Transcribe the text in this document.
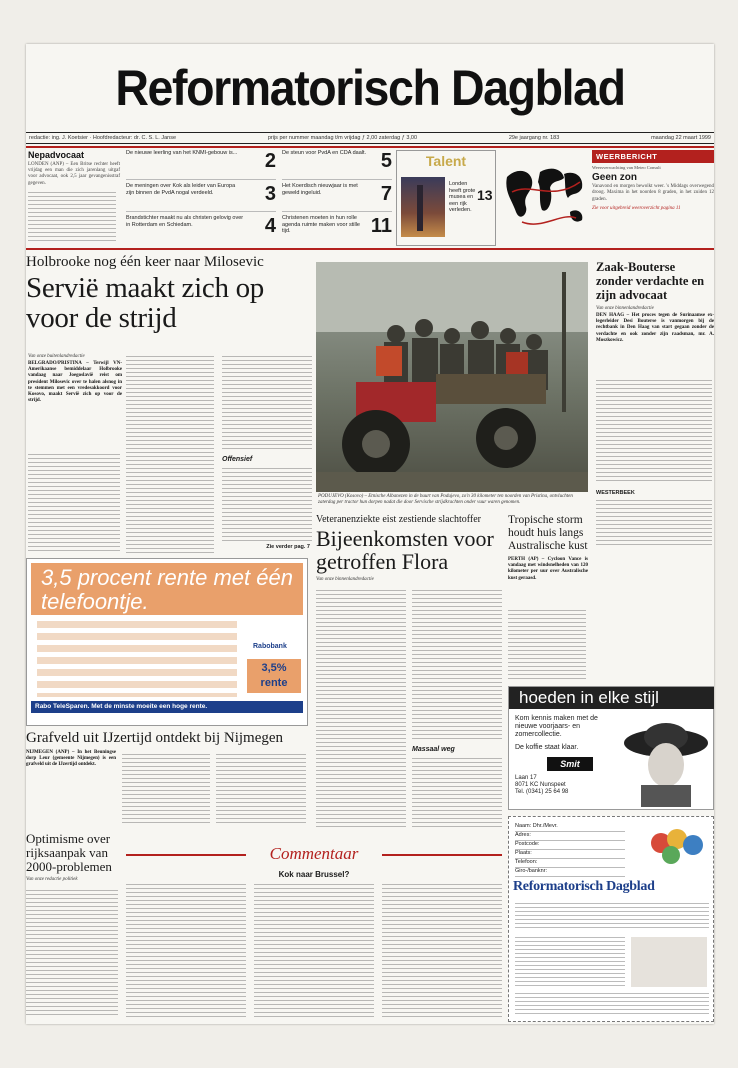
Reformatorisch Dagblad
redactie: ing. J. Koetsier · Hoofdredacteur: dr. C. S. L. Janse	prijs per nummer maandag t/m vrijdag ƒ 2,00 zaterdag ƒ 3,00	29e jaargang nr. 183	maandag 22 maart 1999
Nepadvocaat
LONDEN (ANP) – Een Britse rechter heeft vrijdag een man die zich jarenlang uitgaf voor advocaat, ook 2,5 jaar gevangenisstraf gegeven.
De nieuwe leerling van het KNMI-gebouw is...	2
De meningen over Kok als leider van Europa zijn binnen de PvdA nogal verdeeld.	3
Brandstichter maakt nu als christen gelovig over in Rotterdam en Schiedam.	4
De steun voor PvdA en CDA daalt. 5
Het Koerdisch nieuwjaar is met geweld ingeluid.	7
Christenen moeten in hun rolle agenda ruimte maken voor stille tijd.	11
Talent
Londen heeft grote musea en een rijk verleden.
13
WEERBERICHT
Weersverwachting van Meteo Consult
Geen zon
Vanavond en morgen bewolkt weer. 's Middags overwegend droog. Maxima in het noorden 8 graden, in het zuiden 12 graden.
Zie voor uitgebreid weeroverzicht pagina 11
Holbrooke nog één keer naar Milosevic
Servië maakt zich op voor de strijd
Van onze buitenlandredactie
BELGRADO/PRISTINA – Terwijl VN-Amerikaanse bemiddelaar Holbrooke vandaag naar Joegoslavië reist om president Milosevic over te halen alsnog in te stemmen met een vredesakkoord voor Kosovo, maakt Servië zich op voor de strijd.
Offensief
Zie verder pag. 7
PODUJEVO (Kosovo) – Etnische Albanezen in de buurt van Podujevo, zo'n 30 kilometer ten noorden van Pristina, ontvluchten zaterdag per tractor hun dorpen nadat die door Servische strijdkrachten onder vuur waren genomen.
Zaak-Bouterse zonder verdachte en zijn advocaat
Van onze binnenlandredactie
DEN HAAG – Het proces tegen de Surinaamse ex-legerleider Desi Bouterse is vanmorgen bij de rechtbank in Den Haag van start gegaan zonder de verdachte en ook zonder zijn raadsman, mr. A. Moszkowicz.
WESTERBEEK
3,5 procent rente met één telefoontje.
Rabobank
3,5% rente
Rabo TeleSparen. Met de minste moeite een hoge rente.
Veteranenziekte eist zestiende slachtoffer
Bijeenkomsten voor getroffen Flora
Van onze binnenlandredactie
Massaal weg
Tropische storm houdt huis langs Australische kust
PERTH (AP) – Cycloon Vance is vandaag met windsnelheden van 120 kilometer per uur over Australische kust geraasd.
hoeden in elke stijl
Kom kennis maken met de nieuwe voorjaars- en zomercollectie.
De koffie staat klaar.
Smit
Laan 17
8071 KC Nunspeet
Tel. (0341) 25 64 98
Grafveld uit IJzertijd ontdekt bij Nijmegen
NIJMEGEN (ANP) – In het Beuningse dorp Leur (gemeente Nijmegen) is een grafveld uit de IJzertijd ontdekt.
Optimisme over rijksaanpak van 2000-problemen
Van onze redactie politiek
Commentaar
Kok naar Brussel?
Naam: Dhr./Mevr.
Adres:
Postcode:
Plaats:
Telefoon:
Giro-/banknr:
Reformatorisch Dagblad
